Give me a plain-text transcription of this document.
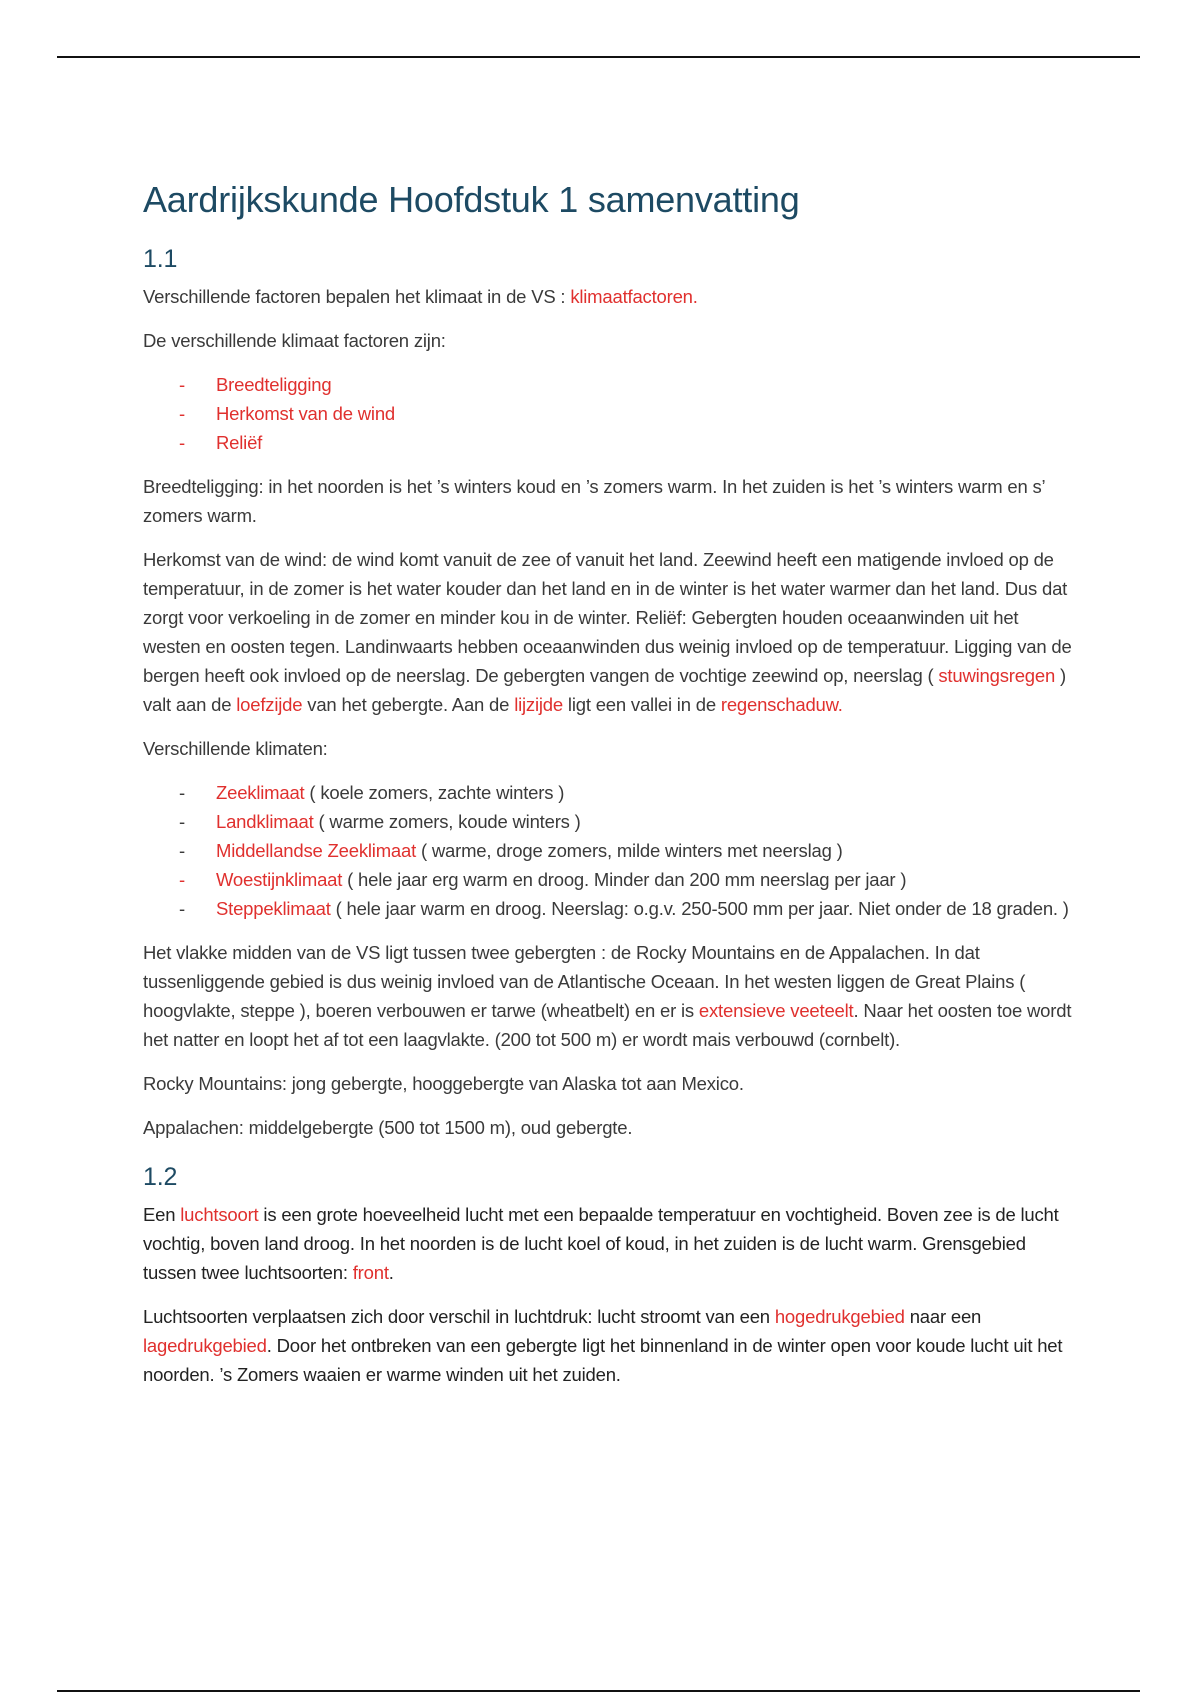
Aardrijkskunde Hoofdstuk 1 samenvatting
1.1

Verschillende factoren bepalen het klimaat in de VS : klimaatfactoren.

De verschillende klimaat factoren zijn:

- Breedteligging
- Herkomst van de wind
- Reliëf

Breedteligging: in het noorden is het ’s winters koud en ’s zomers warm. In het zuiden is het ’s winters warm en s’ zomers warm.

Herkomst van de wind: de wind komt vanuit de zee of vanuit het land. Zeewind heeft een matigende invloed op de temperatuur, in de zomer is het water kouder dan het land en in de winter is het water warmer dan het land. Dus dat zorgt voor verkoeling in de zomer en minder kou in de winter. Reliëf: Gebergten houden oceaanwinden uit het westen en oosten tegen. Landinwaarts hebben oceaanwinden dus weinig invloed op de temperatuur. Ligging van de bergen heeft ook invloed op de neerslag. De gebergten vangen de vochtige zeewind op, neerslag ( stuwingsregen ) valt aan de loefzijde van het gebergte. Aan de lijzijde ligt een vallei in de regenschaduw.

Verschillende klimaten:

- Zeeklimaat ( koele zomers, zachte winters )
- Landklimaat ( warme zomers, koude winters )
- Middellandse Zeeklimaat ( warme, droge zomers, milde winters met neerslag )
- Woestijnklimaat ( hele jaar erg warm en droog. Minder dan 200 mm neerslag per jaar )
- Steppeklimaat ( hele jaar warm en droog. Neerslag: o.g.v. 250-500 mm per jaar. Niet onder de 18 graden. )

Het vlakke midden van de VS ligt tussen twee gebergten : de Rocky Mountains en de Appalachen. In dat tussenliggende gebied is dus weinig invloed van de Atlantische Oceaan. In het westen liggen de Great Plains ( hoogvlakte, steppe ), boeren verbouwen er tarwe (wheatbelt) en er is extensieve veeteelt. Naar het oosten toe wordt het natter en loopt het af tot een laagvlakte. (200 tot 500 m) er wordt mais verbouwd (cornbelt).

Rocky Mountains: jong gebergte, hooggebergte van Alaska tot aan Mexico.

Appalachen: middelgebergte (500 tot 1500 m), oud gebergte.

1.2

Een luchtsoort is een grote hoeveelheid lucht met een bepaalde temperatuur en vochtigheid. Boven zee is de lucht vochtig, boven land droog. In het noorden is de lucht koel of koud, in het zuiden is de lucht warm. Grensgebied tussen twee luchtsoorten: front.

Luchtsoorten verplaatsen zich door verschil in luchtdruk: lucht stroomt van een hogedrukgebied naar een lagedrukgebied. Door het ontbreken van een gebergte ligt het binnenland in de winter open voor koude lucht uit het noorden. ’s Zomers waaien er warme winden uit het zuiden.
